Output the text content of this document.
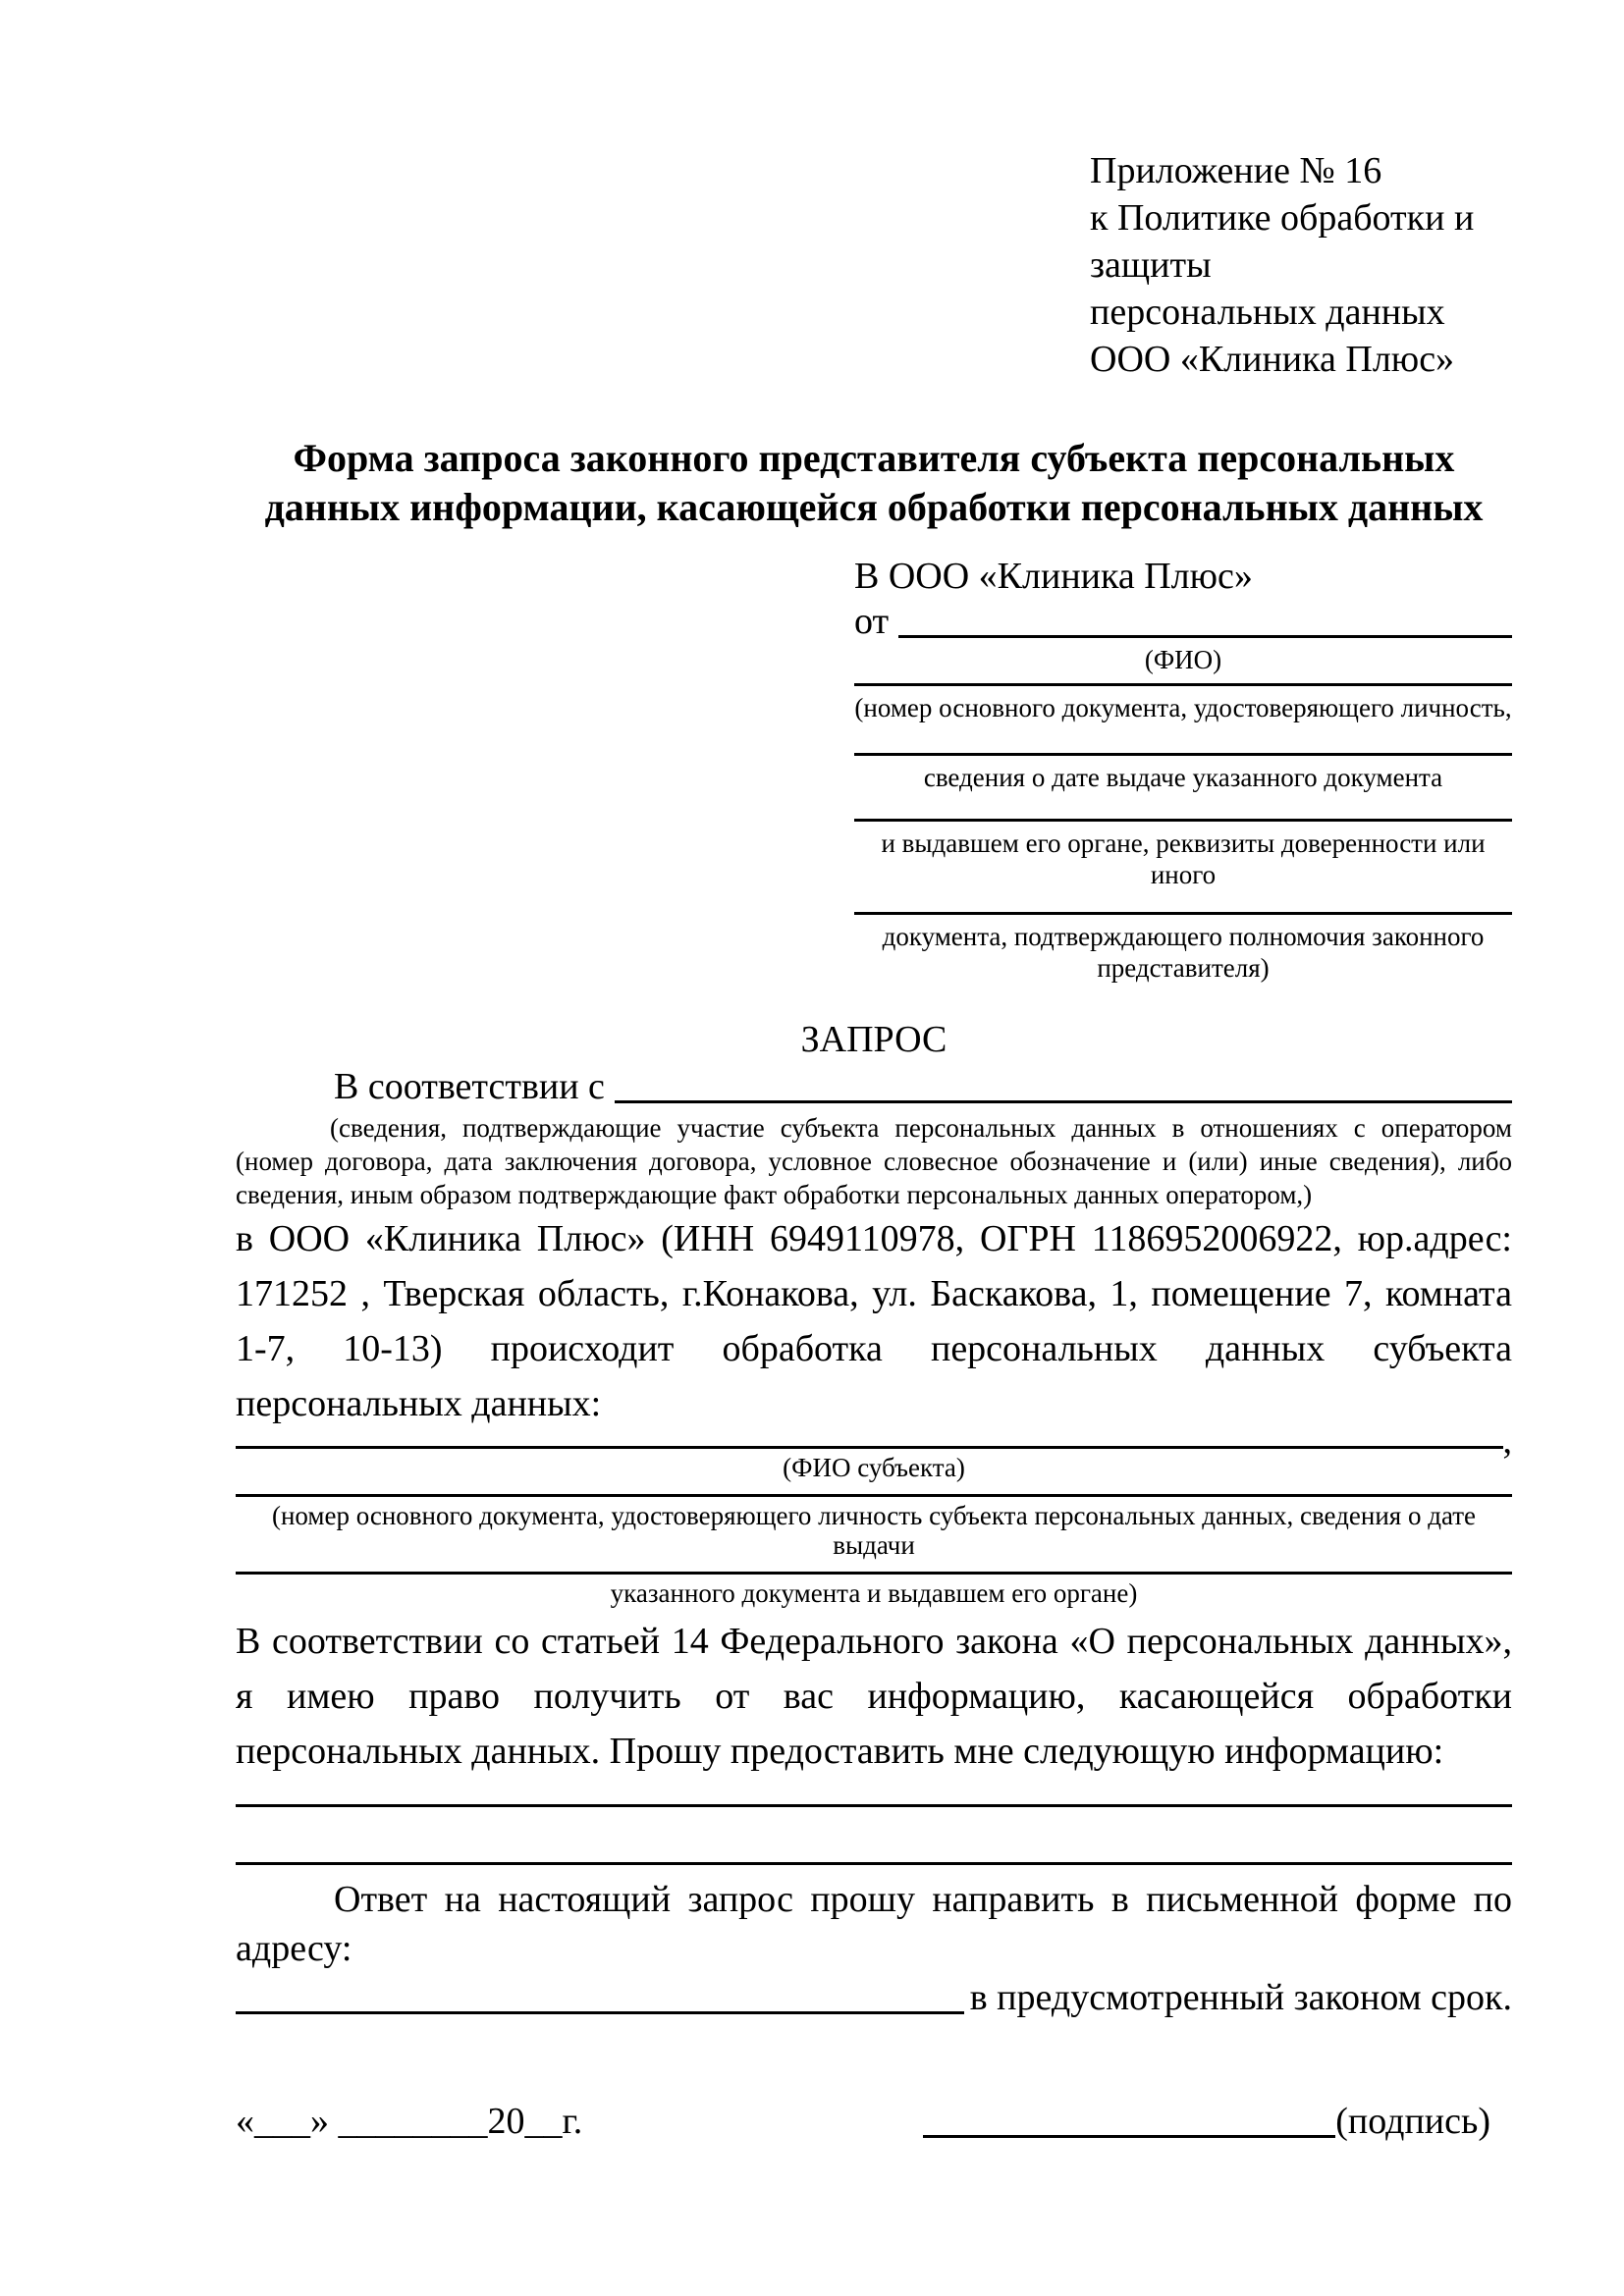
Приложение № 16
к Политике обработки и защиты
персональных данных
ООО «Клиника Плюс»
Форма запроса законного представителя субъекта персональных данных информации, касающейся обработки персональных данных
В ООО «Клиника Плюс»
от
(ФИО)
(номер основного документа, удостоверяющего личность,
сведения о дате выдаче указанного документа
и выдавшем его органе, реквизиты доверенности или иного
документа, подтверждающего полномочия законного представителя)
ЗАПРОС
В соответствии с
(сведения, подтверждающие участие субъекта персональных данных в отношениях с оператором (номер договора, дата заключения договора, условное словесное обозначение и (или) иные сведения), либо сведения, иным образом подтверждающие факт обработки персональных данных оператором,)
в ООО «Клиника Плюс» (ИНН 6949110978, ОГРН 1186952006922, юр.адрес: 171252 , Тверская область, г.Конакова, ул. Баскакова, 1, помещение 7, комната 1-7, 10-13) происходит обработка персональных данных субъекта персональных данных:
,
(ФИО субъекта)
(номер основного документа, удостоверяющего личность субъекта персональных данных, сведения о дате выдачи
указанного документа и выдавшем его органе)
В соответствии со статьей 14 Федерального закона «О персональных данных», я имею право получить от вас информацию, касающейся обработки персональных данных. Прошу предоставить мне следующую информацию:
Ответ на настоящий запрос прошу направить в письменной форме по адресу:
в предусмотренный законом срок.
«___» ________20__г.	(подпись)
